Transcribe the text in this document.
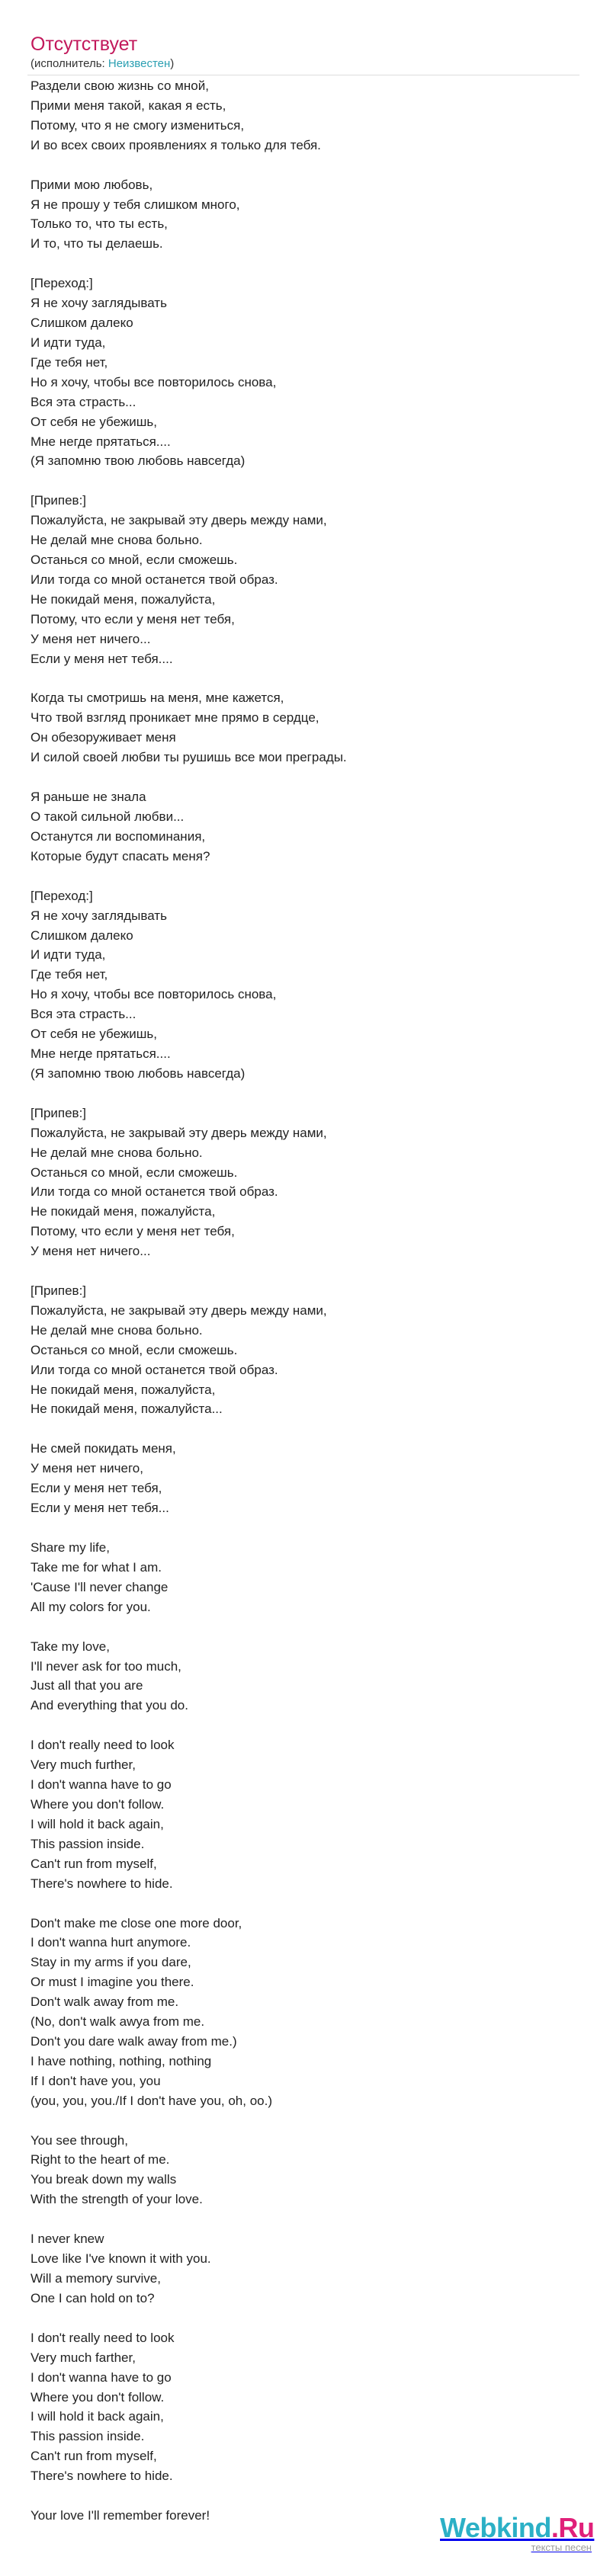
Отсутствует
(исполнитель: Неизвестен)
Раздели свою жизнь со мной,
Прими меня такой, какая я есть,
Потому, что я не смогу измениться,
И во всех своих проявлениях я только для тебя.
Прими мою любовь,
Я не прошу у тебя слишком много,
Только то, что ты есть,
И то, что ты делаешь.
[Переход:]
Я не хочу заглядывать
Слишком далеко
И идти туда,
Где тебя нет,
Но я хочу, чтобы все повторилось снова,
Вся эта страсть...
От себя не убежишь,
Мне негде прятаться....
(Я запомню твою любовь навсегда)
[Припев:]
Пожалуйста, не закрывай эту дверь между нами,
Не делай мне снова больно.
Останься со мной, если сможешь.
Или тогда со мной останется твой образ.
Не покидай меня, пожалуйста,
Потому, что если у меня нет тебя,
У меня нет ничего...
Если у меня нет тебя....
Когда ты смотришь на меня, мне кажется,
Что твой взгляд проникает мне прямо в сердце,
Он обезоруживает меня
И силой своей любви ты рушишь все мои преграды.
Я раньше не знала
О такой сильной любви...
Останутся ли воспоминания,
Которые будут спасать меня?
[Переход:]
Я не хочу заглядывать
Слишком далеко
И идти туда,
Где тебя нет,
Но я хочу, чтобы все повторилось снова,
Вся эта страсть...
От себя не убежишь,
Мне негде прятаться....
(Я запомню твою любовь навсегда)
[Припев:]
Пожалуйста, не закрывай эту дверь между нами,
Не делай мне снова больно.
Останься со мной, если сможешь.
Или тогда со мной останется твой образ.
Не покидай меня, пожалуйста,
Потому, что если у меня нет тебя,
У меня нет ничего...
[Припев:]
Пожалуйста, не закрывай эту дверь между нами,
Не делай мне снова больно.
Останься со мной, если сможешь.
Или тогда со мной останется твой образ.
Не покидай меня, пожалуйста,
Не покидай меня, пожалуйста...
Не смей покидать меня,
У меня нет ничего,
Если у меня нет тебя,
Если у меня нет тебя...
Share my life,
Take me for what I am.
'Cause I'll never change
All my colors for you.
Take my love,
I'll never ask for too much,
Just all that you are
And everything that you do.
I don't really need to look
Very much further,
I don't wanna have to go
Where you don't follow.
I will hold it back again,
This passion inside.
Can't run from myself,
There's nowhere to hide.
Don't make me close one more door,
I don't wanna hurt anymore.
Stay in my arms if you dare,
Or must I imagine you there.
Don't walk away from me.
(No, don't walk awya from me.
Don't you dare walk away from me.)
I have nothing, nothing, nothing
If I don't have you, you
(you, you, you./If I don't have you, oh, oo.)
You see through,
Right to the heart of me.
You break down my walls
With the strength of your love.
I never knew
Love like I've known it with you.
Will a memory survive,
One I can hold on to?
I don't really need to look
Very much farther,
I don't wanna have to go
Where you don't follow.
I will hold it back again,
This passion inside.
Can't run from myself,
There's nowhere to hide.
Your love I'll remember forever!	Webkind.Ru
тексты песен
